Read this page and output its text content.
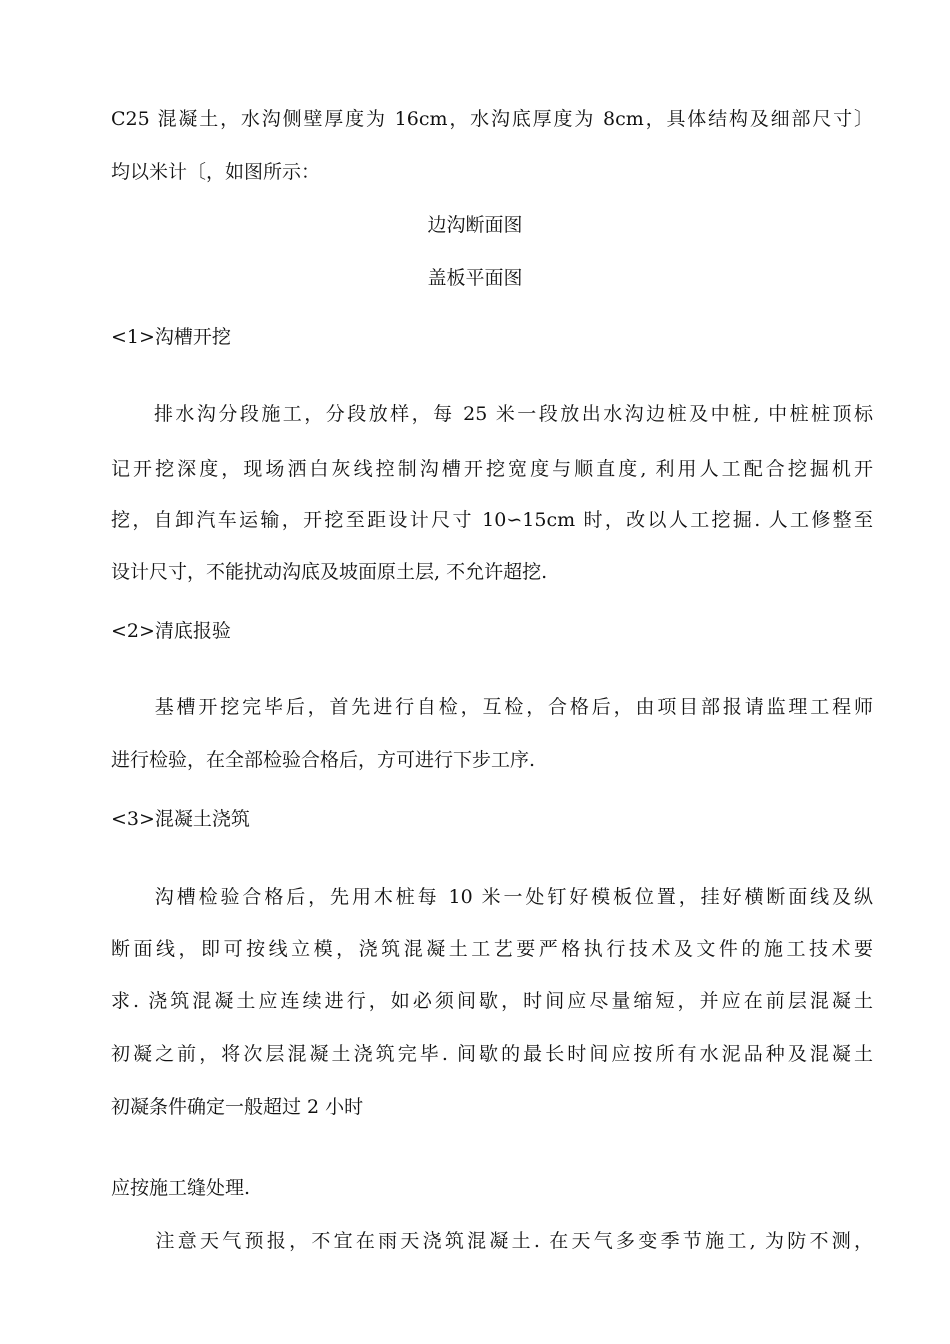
C25 混凝土，水沟侧壁厚度为 16cm，水沟底厚度为 8cm，具体结构及细部尺寸〕
均以米计〔，如图所示：
边沟断面图
盖板平面图
<1>沟槽开挖
　　排水沟分段施工，分段放样，每 25 米一段放出水沟边桩及中桩, 中桩桩顶标
记开挖深度，现场洒白灰线控制沟槽开挖宽度与顺直度, 利用人工配合挖掘机开
挖，自卸汽车运输，开挖至距设计尺寸 10∽15cm 时，改以人工挖掘. 人工修整至
设计尺寸，不能扰动沟底及坡面原土层, 不允许超挖.
<2>清底报验
　　基槽开挖完毕后，首先进行自检，互检，合格后，由项目部报请监理工程师
进行检验，在全部检验合格后，方可进行下步工序.
<3>混凝土浇筑
　　沟槽检验合格后，先用木桩每 10 米一处钉好模板位置，挂好横断面线及纵
断面线，即可按线立模，浇筑混凝土工艺要严格执行技术及文件的施工技术要
求. 浇筑混凝土应连续进行，如必须间歇，时间应尽量缩短，并应在前层混凝土
初凝之前，将次层混凝土浇筑完毕. 间歇的最长时间应按所有水泥品种及混凝土
初凝条件确定一般超过 2 小时
应按施工缝处理.
　　注意天气预报，不宜在雨天浇筑混凝土. 在天气多变季节施工, 为防不测，
